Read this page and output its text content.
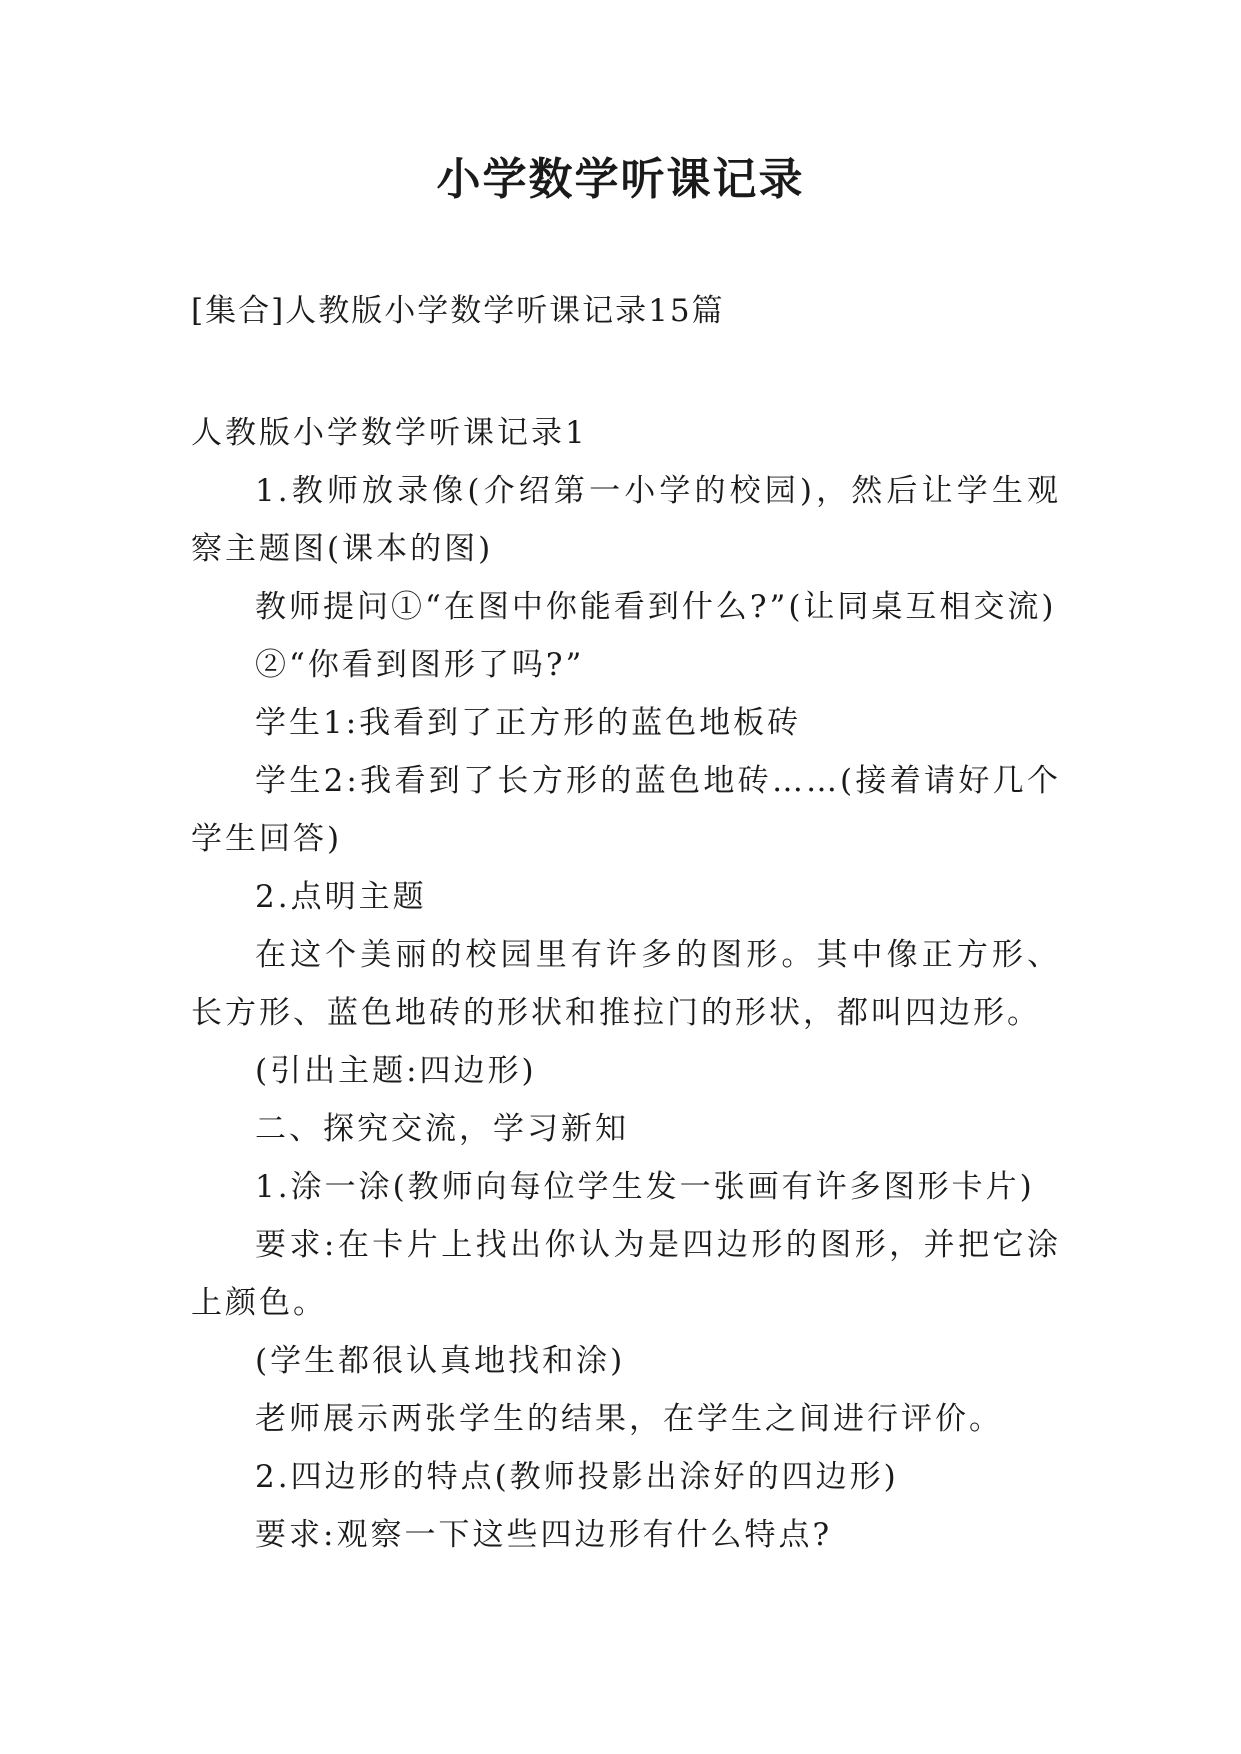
小学数学听课记录
[集合]人教版小学数学听课记录15篇

人教版小学数学听课记录1

1.教师放录像(介绍第一小学的校园)，然后让学生观察主题图(课本的图)

教师提问①“在图中你能看到什么?”(让同桌互相交流)

②“你看到图形了吗?”

学生1:我看到了正方形的蓝色地板砖

学生2:我看到了长方形的蓝色地砖……(接着请好几个学生回答)

2.点明主题

在这个美丽的校园里有许多的图形。其中像正方形、长方形、蓝色地砖的形状和推拉门的形状，都叫四边形。

(引出主题:四边形)

二、探究交流，学习新知

1.涂一涂(教师向每位学生发一张画有许多图形卡片)

要求:在卡片上找出你认为是四边形的图形，并把它涂上颜色。

(学生都很认真地找和涂)

老师展示两张学生的结果，在学生之间进行评价。

2.四边形的特点(教师投影出涂好的四边形)

要求:观察一下这些四边形有什么特点?
